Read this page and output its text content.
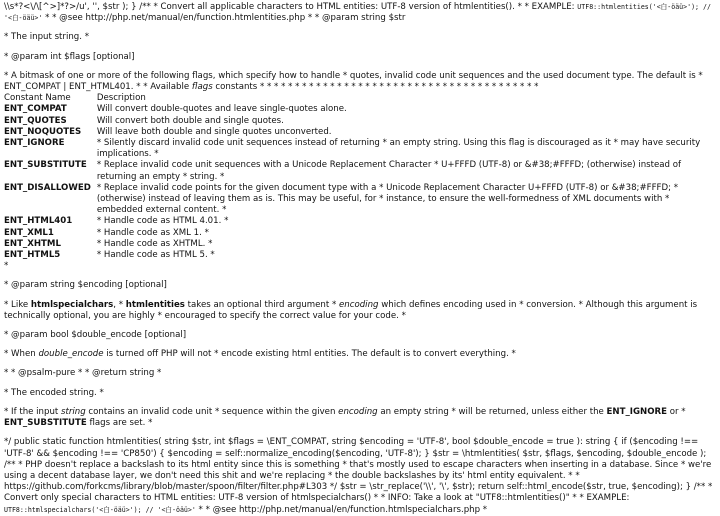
\\s*?<\/\[^>]*?>/u', '', $str ); } /** * Convert all applicable characters to HTML entities: UTF-8 version of htmlentities(). * * EXAMPLE: UTF8::htmlentities('<白-öäü>'); // '<白-öäü>' * * @see http://php.net/manual/en/function.htmlentities.php * * @param string $str

* The input string. *

* @param int $flags [optional]

* A bitmask of one or more of the following flags, which specify how to handle * quotes, invalid code unit sequences and the used document type. The default is * ENT_COMPAT | ENT_HTML401. * * Available flags constants * * * * * * * * * * * * * * * * * * * * * * * * * * * * * * * * * * * * * * * *

Constant Name	Description
ENT_COMPAT	Will convert double-quotes and leave single-quotes alone.
ENT_QUOTES	Will convert both double and single quotes.
ENT_NOQUOTES	Will leave both double and single quotes unconverted.
ENT_IGNORE	* Silently discard invalid code unit sequences instead of returning * an empty string. Using this flag is discouraged as it * may have security implications. *
ENT_SUBSTITUTE	* Replace invalid code unit sequences with a Unicode Replacement Character * U+FFFD (UTF-8) or &#38;#FFFD; (otherwise) instead of returning an empty * string. *
ENT_DISALLOWED	* Replace invalid code points for the given document type with a * Unicode Replacement Character U+FFFD (UTF-8) or &#38;#FFFD; * (otherwise) instead of leaving them as is. This may be useful, for * instance, to ensure the well-formedness of XML documents with * embedded external content. *
ENT_HTML401	* Handle code as HTML 4.01. *
ENT_XML1	* Handle code as XML 1. *
ENT_XHTML	* Handle code as XHTML. *
ENT_HTML5	* Handle code as HTML 5. *

*

* @param string $encoding [optional]

* Like htmlspecialchars, * htmlentities takes an optional third argument * encoding which defines encoding used in * conversion. * Although this argument is technically optional, you are highly * encouraged to specify the correct value for your code. *

* @param bool $double_encode [optional]

* When double_encode is turned off PHP will not * encode existing html entities. The default is to convert everything. *

* * @psalm-pure * * @return string *

* The encoded string. *

* If the input string contains an invalid code unit * sequence within the given encoding an empty string * will be returned, unless either the ENT_IGNORE or * ENT_SUBSTITUTE flags are set. *

*/ public static function htmlentities( string $str, int $flags = \ENT_COMPAT, string $encoding = 'UTF-8', bool $double_encode = true ): string { if ($encoding !== 'UTF-8' && $encoding !== 'CP850') { $encoding = self::normalize_encoding($encoding, 'UTF-8'); } $str = \htmlentities( $str, $flags, $encoding, $double_encode ); /** * PHP doesn't replace a backslash to its html entity since this is something * that's mostly used to escape characters when inserting in a database. Since * we're using a decent database layer, we don't need this shit and we're replacing * the double backslashes by its' html entity equivalent. * * https://github.com/forkcms/library/blob/master/spoon/filter/filter.php#L303 */ $str = \str_replace('\\', '\', $str); return self::html_encode($str, true, $encoding); } /** * Convert only special characters to HTML entities: UTF-8 version of htmlspecialchars() * * INFO: Take a look at "UTF8::htmlentities()" * * EXAMPLE: UTF8::htmlspecialchars('<白-öäü>'); // '<白-öäü>' * * @see http://php.net/manual/en/function.htmlspecialchars.php *
